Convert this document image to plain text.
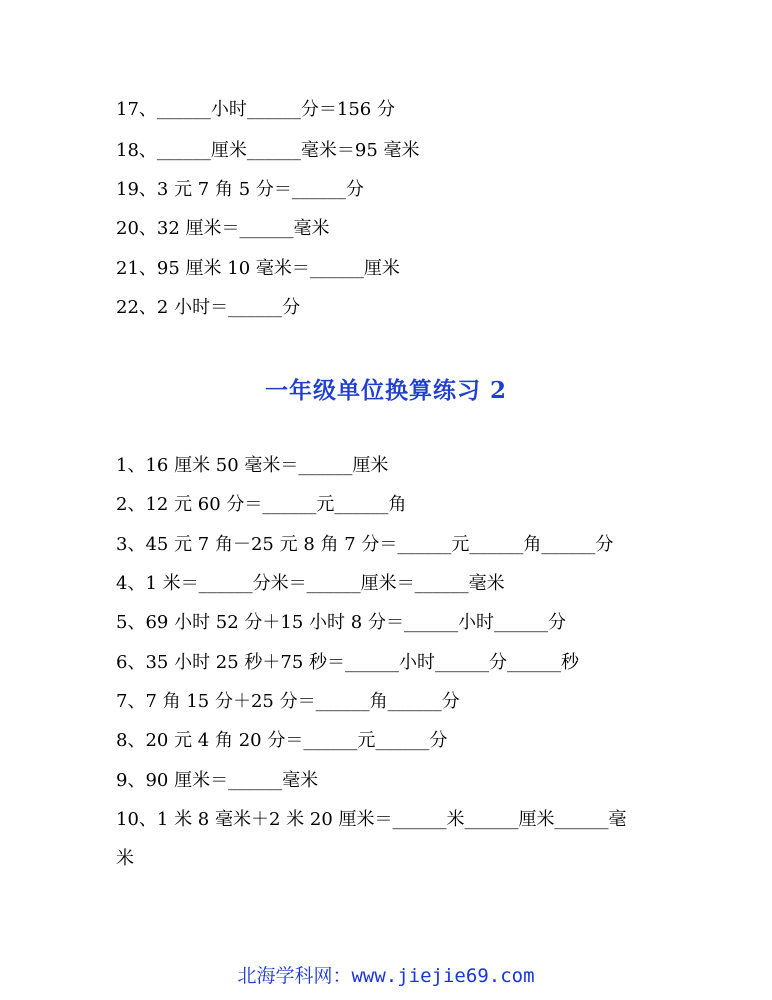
17、______小时______分＝156 分

18、______厘米______毫米＝95 毫米

19、3 元 7 角 5 分＝______分

20、32 厘米＝______毫米

21、95 厘米 10 毫米＝______厘米

22、2 小时＝______分

一年级单位换算练习 2

1、16 厘米 50 毫米＝______厘米

2、12 元 60 分＝______元______角

3、45 元 7 角－25 元 8 角 7 分＝______元______角______分

4、1 米＝______分米＝______厘米＝______毫米

5、69 小时 52 分＋15 小时 8 分＝______小时______分

6、35 小时 25 秒＋75 秒＝______小时______分______秒

7、7 角 15 分＋25 分＝______角______分

8、20 元 4 角 20 分＝______元______分

9、90 厘米＝______毫米

10、1 米 8 毫米＋2 米 20 厘米＝______米______厘米______毫

米

北海学科网：www.jiejie69.com
